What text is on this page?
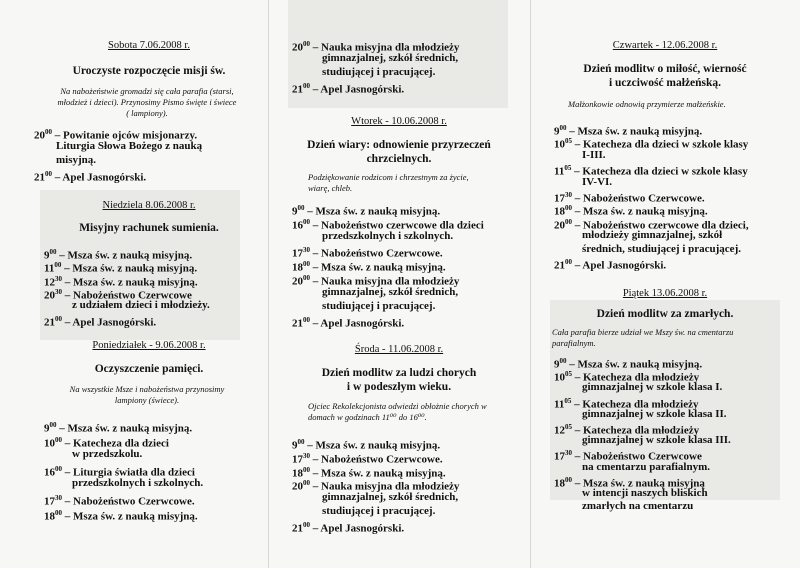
Sobota 7.06.2008 r.
Uroczyste rozpoczęcie misji św.
Na nabożeństwie gromadzi się cała parafia (starsi,
młodzież i dzieci). Przynosimy Pismo święte i świece
( lampiony).
$20^{00}$ – Powitanie ojców misjonarzy.
Liturgia Słowa Bożego z nauką
misyjną.
$21^{00}$ – Apel Jasnogórski.
Niedziela 8.06.2008 r.
Misyjny rachunek sumienia.
$9^{00}$ – Msza św. z nauką misyjną.
$11^{00}$ – Msza św. z nauką misyjną.
$12^{30}$ – Msza św. z nauką misyjną.
$20^{30}$ – Nabożeństwo Czerwcowe
z udziałem dzieci i młodzieży.
$21^{00}$ – Apel Jasnogórski.
Poniedziałek - 9.06.2008 r.
Oczyszczenie pamięci.
Na wszystkie Msze i nabożeństwa przynosimy
lampiony (świece).
$9^{00}$ – Msza św. z nauką misyjną.
$10^{00}$ – Katecheza dla dzieci
w przedszkolu.
$16^{00}$ – Liturgia światła dla dzieci
przedszkolnych i szkolnych.
$17^{30}$ – Nabożeństwo Czerwcowe.
$18^{00}$ – Msza św. z nauką misyjną.
$20^{00}$ – Nauka misyjna dla młodzieży
gimnazjalnej, szkół średnich,
studiującej i pracującej.
$21^{00}$ – Apel Jasnogórski.
Wtorek - 10.06.2008 r.
Dzień wiary: odnowienie przyrzeczeń
chrzcielnych.
Podziękowanie rodzicom i chrzestnym za życie,
wiarę, chleb.
$9^{00}$ – Msza św. z nauką misyjną.
$16^{00}$ – Nabożeństwo czerwcowe dla dzieci
przedszkolnych i szkolnych.
$17^{30}$ – Nabożeństwo Czerwcowe.
$18^{00}$ – Msza św. z nauką misyjną.
$20^{00}$ – Nauka misyjna dla młodzieży
gimnazjalnej, szkół średnich,
studiującej i pracującej.
$21^{00}$ – Apel Jasnogórski.
Środa - 11.06.2008 r.
Dzień modlitw za ludzi chorych
i w podeszłym wieku.
Ojciec Rekolekcjonista odwiedzi obłożnie chorych w
domach w godzinach 11⁰⁰ do 16⁰⁰.
$9^{00}$ – Msza św. z nauką misyjną.
$17^{30}$ – Nabożeństwo Czerwcowe.
$18^{00}$ – Msza św. z nauką misyjną.
$20^{00}$ – Nauka misyjna dla młodzieży
gimnazjalnej, szkół średnich,
studiującej i pracującej.
$21^{00}$ – Apel Jasnogórski.
Czwartek - 12.06.2008 r.
Dzień modlitw o miłość, wierność
i uczciwość małżeńską.
Małżonkowie odnowią przymierze małżeńskie.
$9^{00}$ – Msza św. z nauką misyjną.
$10^{05}$ – Katecheza dla dzieci w szkole klasy
I-III.
$11^{05}$ – Katecheza dla dzieci w szkole klasy
IV-VI.
$17^{30}$ – Nabożeństwo Czerwcowe.
$18^{00}$ – Msza św. z nauką misyjną.
$20^{00}$ – Nabożeństwo czerwcowe dla dzieci,
młodzieży gimnazjalnej, szkół
średnich, studiującej i pracującej.
$21^{00}$ – Apel Jasnogórski.
Piątek 13.06.2008 r.
Dzień modlitw za zmarłych.
Cała parafia bierze udział we Mszy św. na cmentarzu
parafialnym.
$9^{00}$ – Msza św. z nauką misyjną.
$10^{05}$ – Katecheza dla młodzieży
gimnazjalnej w szkole klasa I.
$11^{05}$ – Katecheza dla młodzieży
gimnazjalnej w szkole klasa II.
$12^{05}$ – Katecheza dla młodzieży
gimnazjalnej w szkole klasa III.
$17^{30}$ – Nabożeństwo Czerwcowe
na cmentarzu parafialnym.
$18^{00}$ – Msza św. z nauką misyjną
w intencji naszych bliskich
zmarłych na cmentarzu
